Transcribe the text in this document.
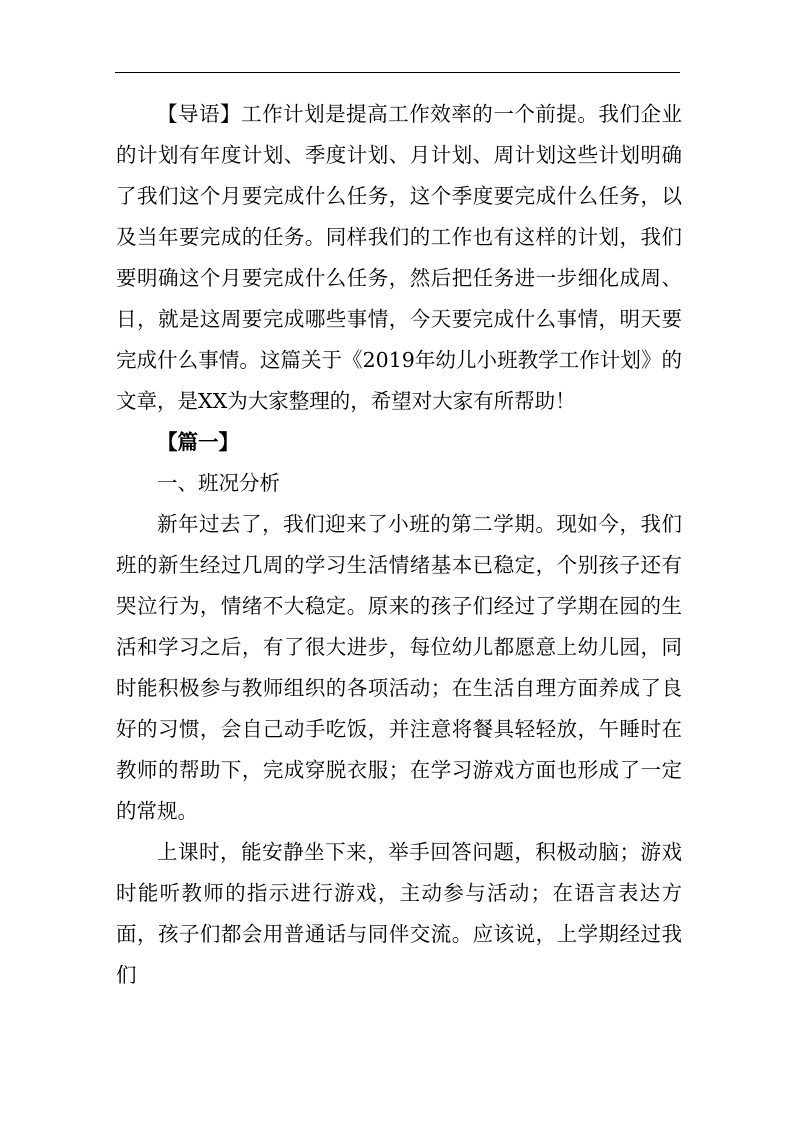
【导语】工作计划是提高工作效率的一个前提。我们企业的计划有年度计划、季度计划、月计划、周计划这些计划明确了我们这个月要完成什么任务，这个季度要完成什么任务，以及当年要完成的任务。同样我们的工作也有这样的计划，我们要明确这个月要完成什么任务，然后把任务进一步细化成周、日，就是这周要完成哪些事情，今天要完成什么事情，明天要完成什么事情。这篇关于《2019年幼儿小班教学工作计划》的文章，是XX为大家整理的，希望对大家有所帮助！

【篇一】

一、班况分析

新年过去了，我们迎来了小班的第二学期。现如今，我们班的新生经过几周的学习生活情绪基本已稳定，个别孩子还有哭泣行为，情绪不大稳定。原来的孩子们经过了学期在园的生活和学习之后，有了很大进步，每位幼儿都愿意上幼儿园，同时能积极参与教师组织的各项活动；在生活自理方面养成了良好的习惯，会自己动手吃饭，并注意将餐具轻轻放，午睡时在教师的帮助下，完成穿脱衣服；在学习游戏方面也形成了一定的常规。

上课时，能安静坐下来，举手回答问题，积极动脑；游戏时能听教师的指示进行游戏，主动参与活动；在语言表达方面，孩子们都会用普通话与同伴交流。应该说，上学期经过我们
